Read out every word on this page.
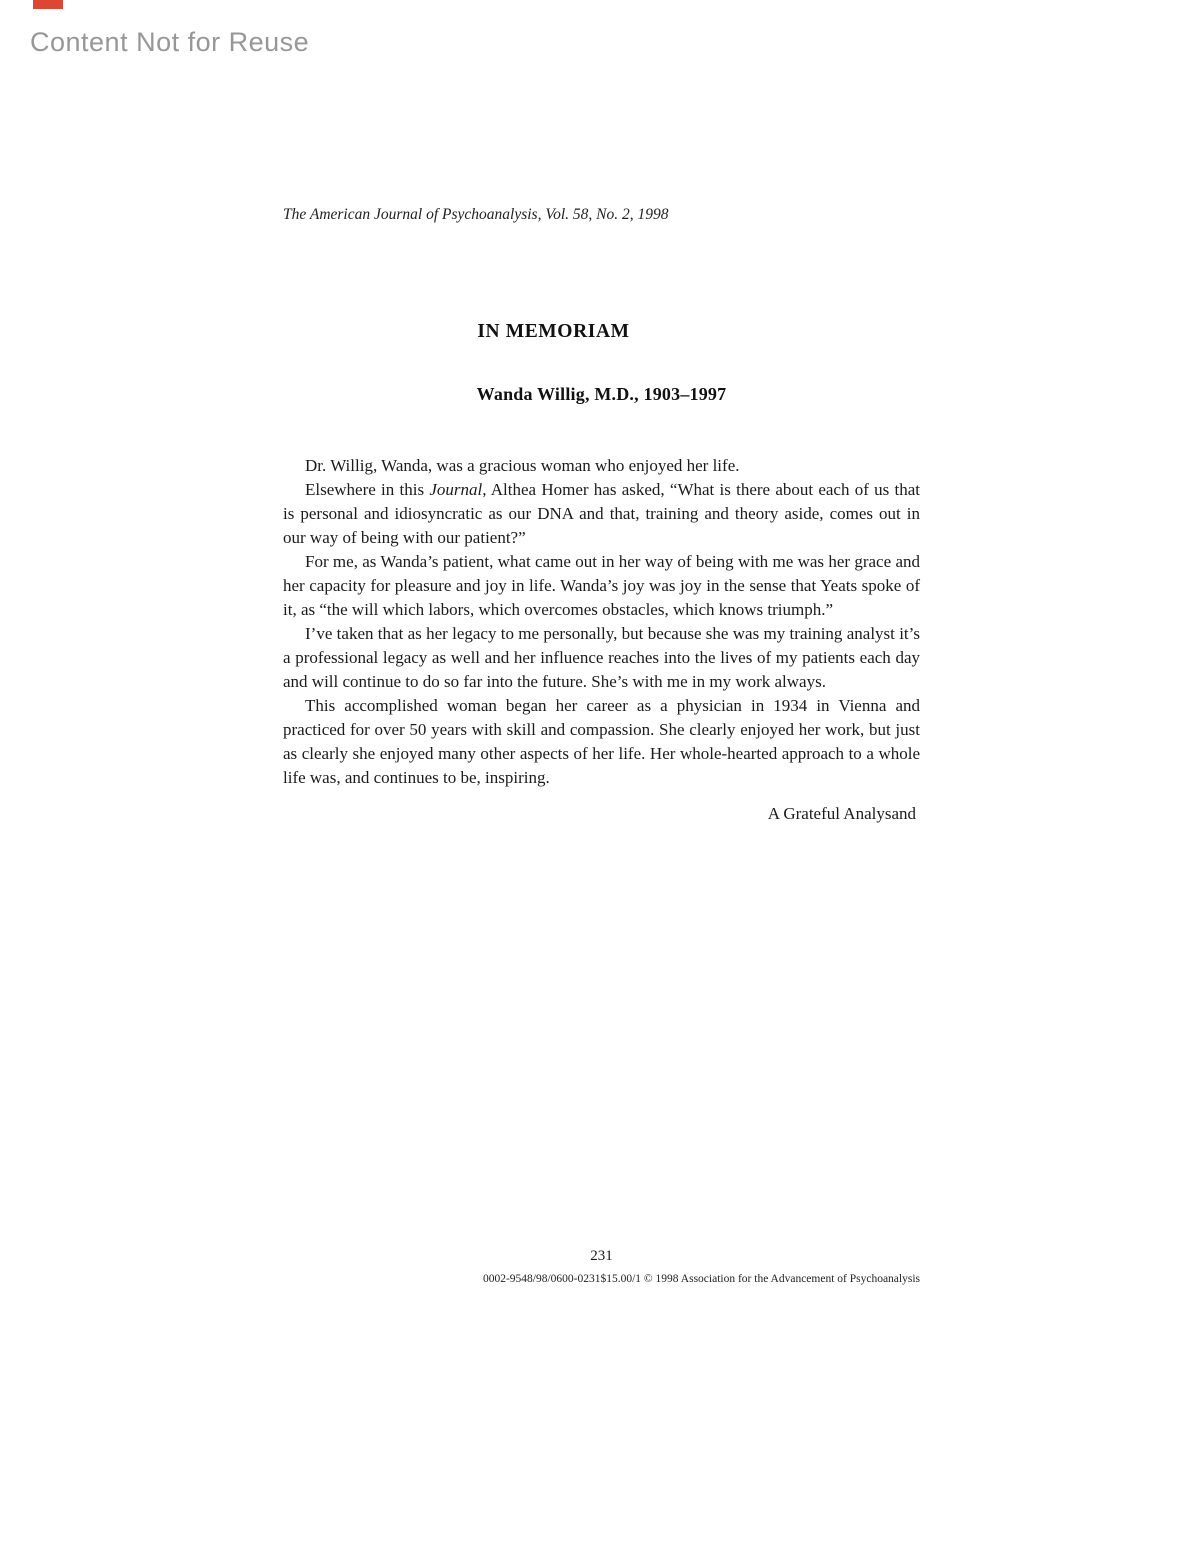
Content Not for Reuse
The American Journal of Psychoanalysis, Vol. 58, No. 2, 1998
IN MEMORIAM
Wanda Willig, M.D., 1903–1997

Dr. Willig, Wanda, was a gracious woman who enjoyed her life.

Elsewhere in this Journal, Althea Homer has asked, “What is there about each of us that is personal and idiosyncratic as our DNA and that, training and theory aside, comes out in our way of being with our patient?”

For me, as Wanda’s patient, what came out in her way of being with me was her grace and her capacity for pleasure and joy in life. Wanda’s joy was joy in the sense that Yeats spoke of it, as “the will which labors, which overcomes obstacles, which knows triumph.”

I’ve taken that as her legacy to me personally, but because she was my training analyst it’s a professional legacy as well and her influence reaches into the lives of my patients each day and will continue to do so far into the future. She’s with me in my work always.

This accomplished woman began her career as a physician in 1934 in Vienna and practiced for over 50 years with skill and compassion. She clearly enjoyed her work, but just as clearly she enjoyed many other aspects of her life. Her whole-hearted approach to a whole life was, and continues to be, inspiring.

A Grateful Analysand
231
0002-9548/98/0600-0231$15.00/1 © 1998 Association for the Advancement of Psychoanalysis
